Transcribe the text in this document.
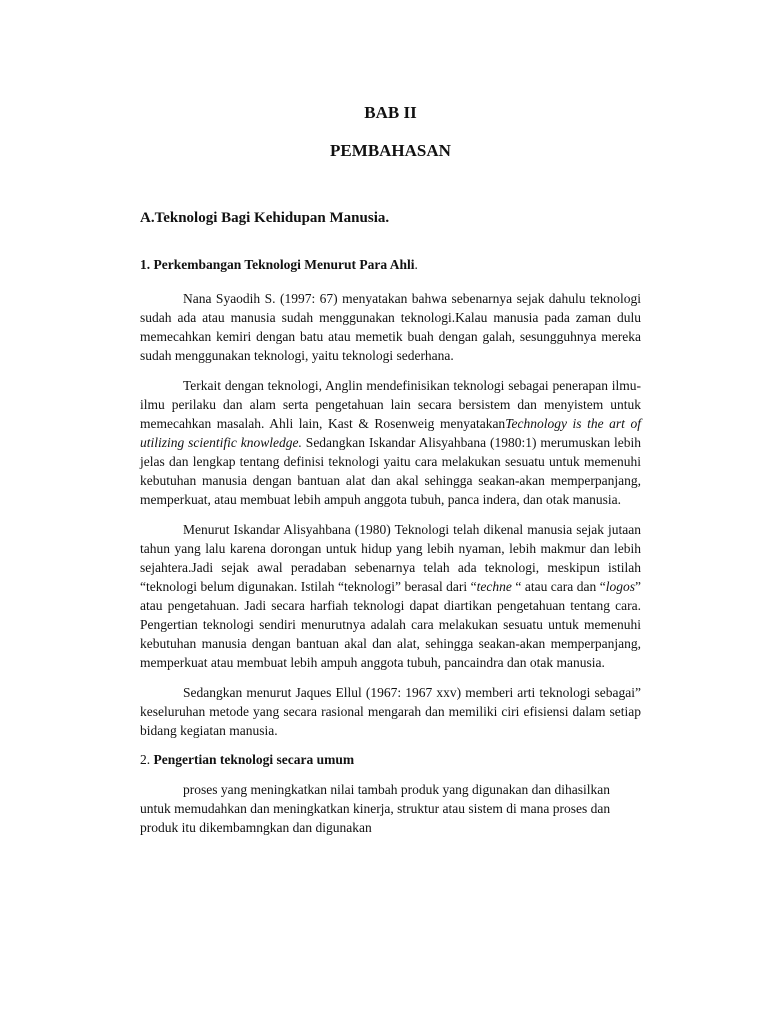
BAB II
PEMBAHASAN
A.Teknologi Bagi Kehidupan Manusia.
1. Perkembangan Teknologi Menurut Para Ahli.

Nana Syaodih S. (1997: 67) menyatakan bahwa sebenarnya sejak dahulu teknologi sudah ada atau manusia sudah menggunakan teknologi.Kalau manusia pada zaman dulu memecahkan kemiri dengan batu atau memetik buah dengan galah, sesungguhnya mereka sudah menggunakan teknologi, yaitu teknologi sederhana.

Terkait dengan teknologi, Anglin mendefinisikan teknologi sebagai penerapan ilmu-ilmu perilaku dan alam serta pengetahuan lain secara bersistem dan menyistem untuk memecahkan masalah. Ahli lain, Kast & Rosenweig menyatakanTechnology is the art of utilizing scientific knowledge. Sedangkan Iskandar Alisyahbana (1980:1) merumuskan lebih jelas dan lengkap tentang definisi teknologi yaitu cara melakukan sesuatu untuk memenuhi kebutuhan manusia dengan bantuan alat dan akal sehingga seakan-akan memperpanjang, memperkuat, atau membuat lebih ampuh anggota tubuh, panca indera, dan otak manusia.

Menurut Iskandar Alisyahbana (1980) Teknologi telah dikenal manusia sejak jutaan tahun yang lalu karena dorongan untuk hidup yang lebih nyaman, lebih makmur dan lebih sejahtera.Jadi sejak awal peradaban sebenarnya telah ada teknologi, meskipun istilah “teknologi belum digunakan. Istilah “teknologi” berasal dari “techne “ atau cara dan “logos” atau pengetahuan. Jadi secara harfiah teknologi dapat diartikan pengetahuan tentang cara. Pengertian teknologi sendiri menurutnya adalah cara melakukan sesuatu untuk memenuhi kebutuhan manusia dengan bantuan akal dan alat, sehingga seakan-akan memperpanjang, memperkuat atau membuat lebih ampuh anggota tubuh, pancaindra dan otak manusia.

Sedangkan menurut Jaques Ellul (1967: 1967 xxv) memberi arti teknologi sebagai” keseluruhan metode yang secara rasional mengarah dan memiliki ciri efisiensi dalam setiap bidang kegiatan manusia.

2. Pengertian teknologi secara umum

proses yang meningkatkan nilai tambah produk yang digunakan dan dihasilkan untuk memudahkan dan meningkatkan kinerja, struktur atau sistem di mana proses dan produk itu dikembamngkan dan digunakan
